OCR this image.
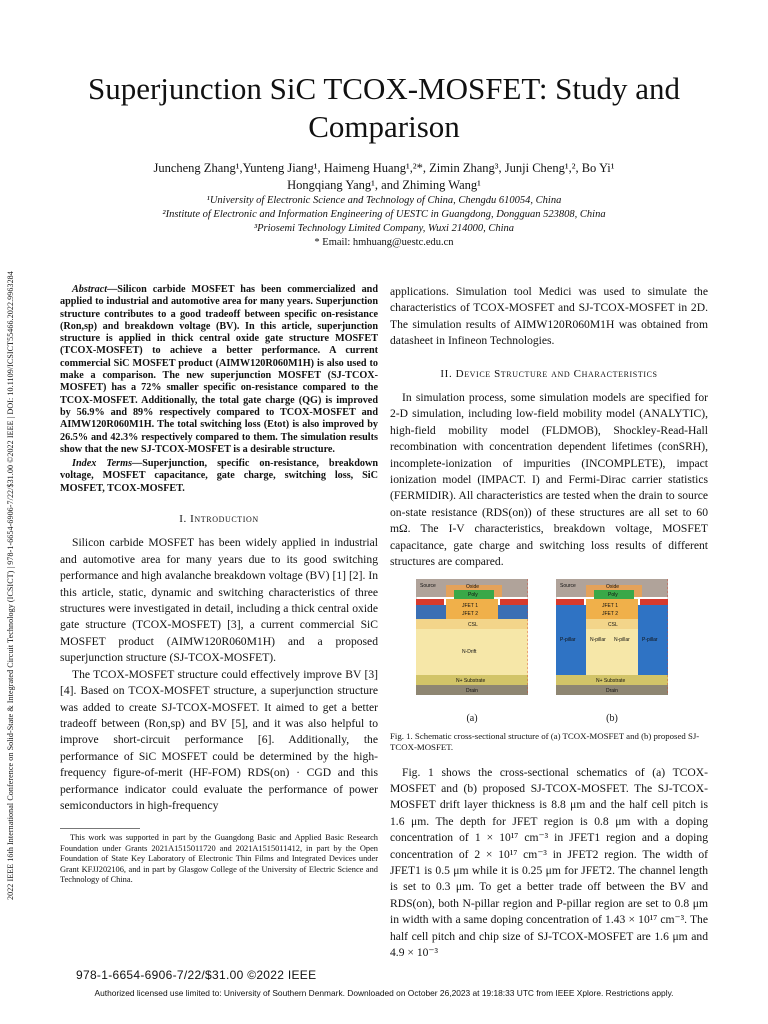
2022 IEEE 16th International Conference on Solid-State & Integrated Circuit Technology (ICSICT) | 978-1-6654-6906-7/22/$31.00 ©2022 IEEE | DOI: 10.1109/ICSICT55466.2022.9963284
Superjunction SiC TCOX-MOSFET: Study and Comparison
Juncheng Zhang¹,Yunteng Jiang¹, Haimeng Huang¹,²*, Zimin Zhang³, Junji Cheng¹,², Bo Yi¹
Hongqiang Yang¹, and Zhiming Wang¹
¹University of Electronic Science and Technology of China, Chengdu 610054, China
²Institute of Electronic and Information Engineering of UESTC in Guangdong, Dongguan 523808, China
³Priosemi Technology Limited Company, Wuxi 214000, China
* Email: hmhuang@uestc.edu.cn

Abstract—Silicon carbide MOSFET has been commercialized and applied to industrial and automotive area for many years. Superjunction structure contributes to a good tradeoff between specific on-resistance (Ron,sp) and breakdown voltage (BV). In this article, superjunction structure is applied in thick central oxide gate structure MOSFET (TCOX-MOSFET) to achieve a better performance. A current commercial SiC MOSFET product (AIMW120R060M1H) is also used to make a comparison. The new superjunction MOSFET (SJ-TCOX-MOSFET) has a 72% smaller specific on-resistance compared to the TCOX-MOSFET. Additionally, the total gate charge (QG) is improved by 56.9% and 89% respectively compared to TCOX-MOSFET and AIMW120R060M1H. The total switching loss (Etot) is also improved by 26.5% and 42.3% respectively compared to them. The simulation results show that the new SJ-TCOX-MOSFET is a desirable structure.

Index Terms—Superjunction, specific on-resistance, breakdown voltage, MOSFET capacitance, gate charge, switching loss, SiC MOSFET, TCOX-MOSFET.

I. Introduction

Silicon carbide MOSFET has been widely applied in industrial and automotive area for many years due to its good switching performance and high avalanche breakdown voltage (BV) [1] [2]. In this article, static, dynamic and switching characteristics of three structures were investigated in detail, including a thick central oxide gate structure (TCOX-MOSFET) [3], a current commercial SiC MOSFET product (AIMW120R060M1H) and a proposed superjunction structure (SJ-TCOX-MOSFET).

The TCOX-MOSFET structure could effectively improve BV [3] [4]. Based on TCOX-MOSFET structure, a superjunction structure was added to create SJ-TCOX-MOSFET. It aimed to get a better tradeoff between (Ron,sp) and BV [5], and it was also helpful to improve short-circuit performance [6]. Additionally, the performance of SiC MOSFET could be determined by the high-frequency figure-of-merit (HF-FOM) RDS(on) · CGD and this performance indicator could evaluate the performance of power semiconductors in high-frequency

This work was supported in part by the Guangdong Basic and Applied Basic Research Foundation under Grants 2021A1515011720 and 2021A1515011412, in part by the Open Foundation of State Key Laboratory of Electronic Thin Films and Integrated Devices under Grant KFJJ202106, and in part by Glasgow College of the University of Electric Science and Technology of China.

applications. Simulation tool Medici was used to simulate the characteristics of TCOX-MOSFET and SJ-TCOX-MOSFET in 2D. The simulation results of AIMW120R060M1H was obtained from datasheet in Infineon Technologies.

II. Device Structure and Characteristics

In simulation process, some simulation models are specified for 2-D simulation, including low-field mobility model (ANALYTIC), high-field mobility model (FLDMOB), Shockley-Read-Hall recombination with concentration dependent lifetimes (conSRH), incomplete-ionization of impurities (INCOMPLETE), impact ionization model (IMPACT. I) and Fermi-Dirac carrier statistics (FERMIDIR). All characteristics are tested when the drain to source on-state resistance (RDS(on)) of these structures are all set to 60 mΩ. The I-V characteristics, breakdown voltage, MOSFET capacitance, gate charge and switching loss results of different structures are compared.

Source	Oxide
Poly
JFET 1
JFET 2
CSL
N-Drift
N+ Substrate
Drain
Source	Oxide
Poly
JFET 1
JFET 2
CSL
P-pillar	N-pillar N-pillar P-pillar
N+ Substrate
Drain
(a)	(b)

Fig. 1. Schematic cross-sectional structure of (a) TCOX-MOSFET and (b) proposed SJ-TCOX-MOSFET.

Fig. 1 shows the cross-sectional schematics of (a) TCOX-MOSFET and (b) proposed SJ-TCOX-MOSFET. The SJ-TCOX-MOSFET drift layer thickness is 8.8 μm and the half cell pitch is 1.6 μm. The depth for JFET region is 0.8 μm with a doping concentration of 1 × 10¹⁷ cm⁻³ in JFET1 region and a doping concentration of 2 × 10¹⁷ cm⁻³ in JFET2 region. The width of JFET1 is 0.5 μm while it is 0.25 μm for JFET2. The channel length is set to 0.3 μm. To get a better trade off between the BV and RDS(on), both N-pillar region and P-pillar region are set to 0.8 μm in width with a same doping concentration of 1.43 × 10¹⁷ cm⁻³. The half cell pitch and chip size of SJ-TCOX-MOSFET are 1.6 μm and 4.9 × 10⁻³

978-1-6654-6906-7/22/$31.00 ©2022 IEEE
Authorized licensed use limited to: University of Southern Denmark. Downloaded on October 26,2023 at 19:18:33 UTC from IEEE Xplore. Restrictions apply.
